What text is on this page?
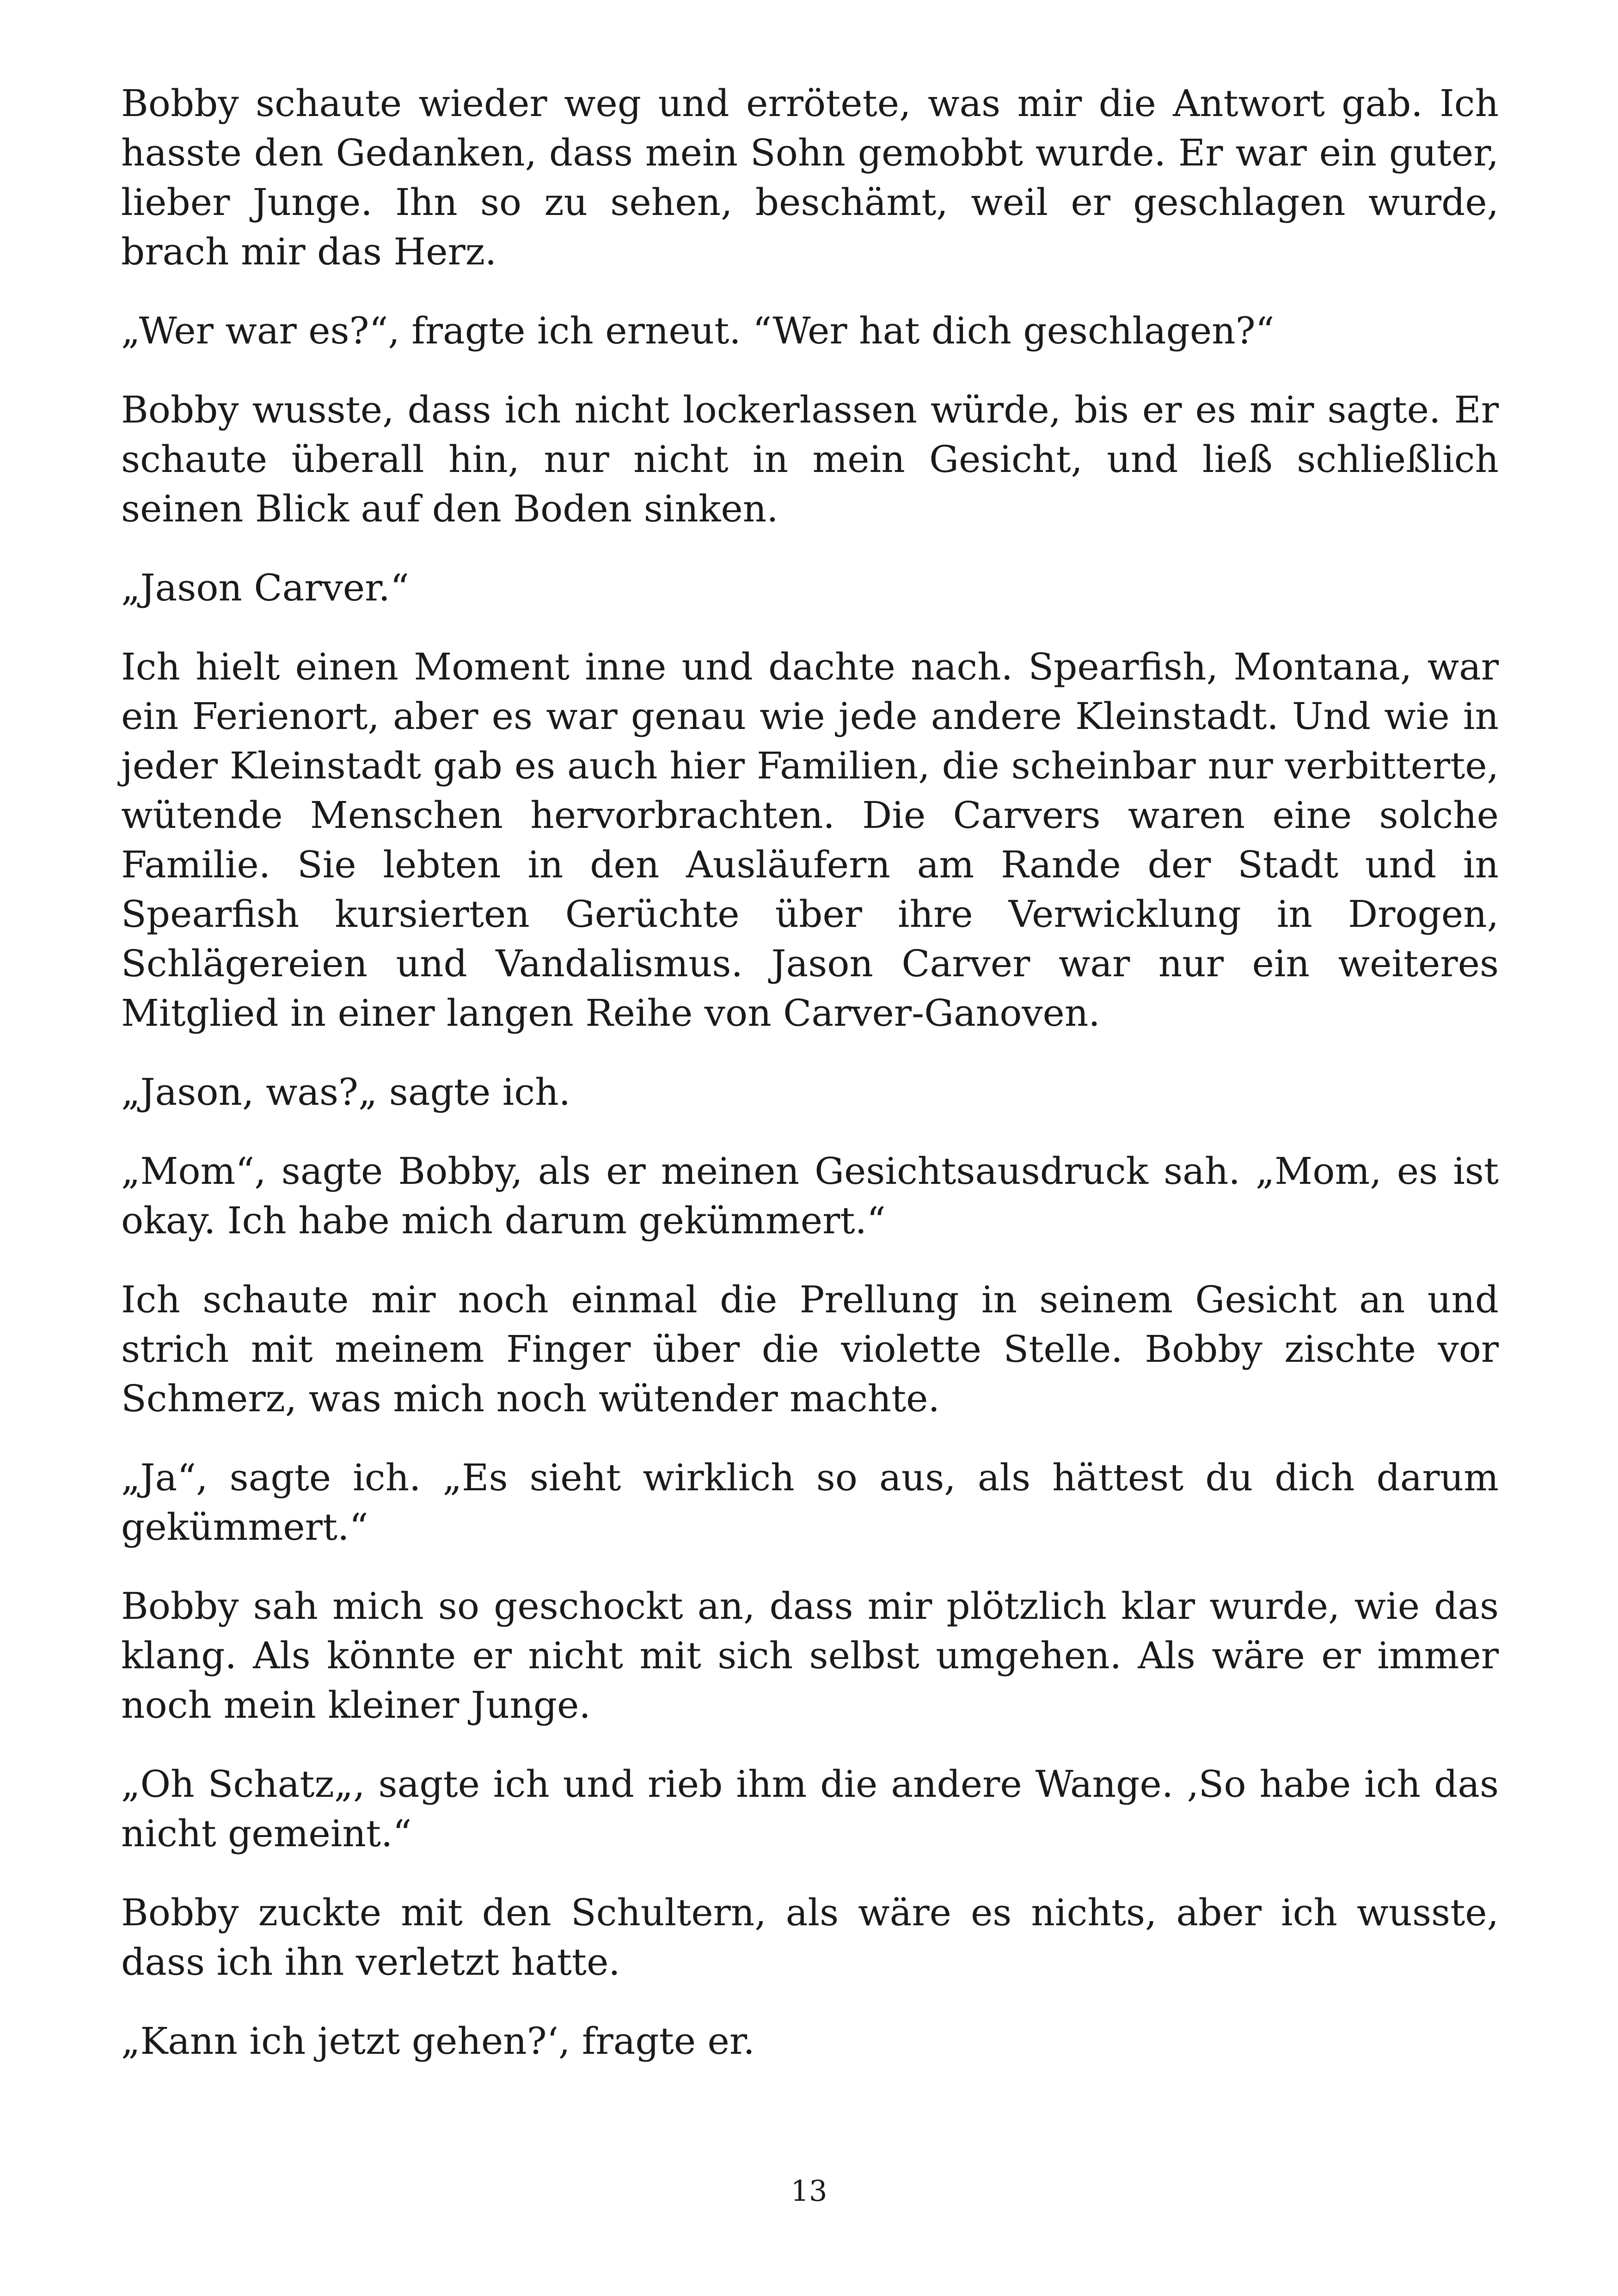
Bobby schaute wieder weg und errötete, was mir die Antwort gab. Ich hasste den Gedanken, dass mein Sohn gemobbt wurde. Er war ein guter, lieber Junge. Ihn so zu sehen, beschämt, weil er geschlagen wurde, brach mir das Herz.

„Wer war es?“, fragte ich erneut. “Wer hat dich geschlagen?“

Bobby wusste, dass ich nicht lockerlassen würde, bis er es mir sagte. Er schaute überall hin, nur nicht in mein Gesicht, und ließ schließlich seinen Blick auf den Boden sinken.

„Jason Carver.“

Ich hielt einen Moment inne und dachte nach. Spearfish, Montana, war ein Ferienort, aber es war genau wie jede andere Kleinstadt. Und wie in jeder Kleinstadt gab es auch hier Familien, die scheinbar nur verbitterte, wütende Menschen hervorbrachten. Die Carvers waren eine solche Familie. Sie lebten in den Ausläufern am Rande der Stadt und in Spearfish kursierten Gerüchte über ihre Verwicklung in Drogen, Schlägereien und Vandalismus. Jason Carver war nur ein weiteres Mitglied in einer langen Reihe von Carver-Ganoven.

„Jason, was?„ sagte ich.

„Mom“, sagte Bobby, als er meinen Gesichtsausdruck sah. „Mom, es ist okay. Ich habe mich darum gekümmert.“

Ich schaute mir noch einmal die Prellung in seinem Gesicht an und strich mit meinem Finger über die violette Stelle. Bobby zischte vor Schmerz, was mich noch wütender machte.

„Ja“, sagte ich. „Es sieht wirklich so aus, als hättest du dich darum gekümmert.“

Bobby sah mich so geschockt an, dass mir plötzlich klar wurde, wie das klang. Als könnte er nicht mit sich selbst umgehen. Als wäre er immer noch mein kleiner Junge.

„Oh Schatz„, sagte ich und rieb ihm die andere Wange. ‚So habe ich das nicht gemeint.“

Bobby zuckte mit den Schultern, als wäre es nichts, aber ich wusste, dass ich ihn verletzt hatte.

„Kann ich jetzt gehen?‘, fragte er.

13
